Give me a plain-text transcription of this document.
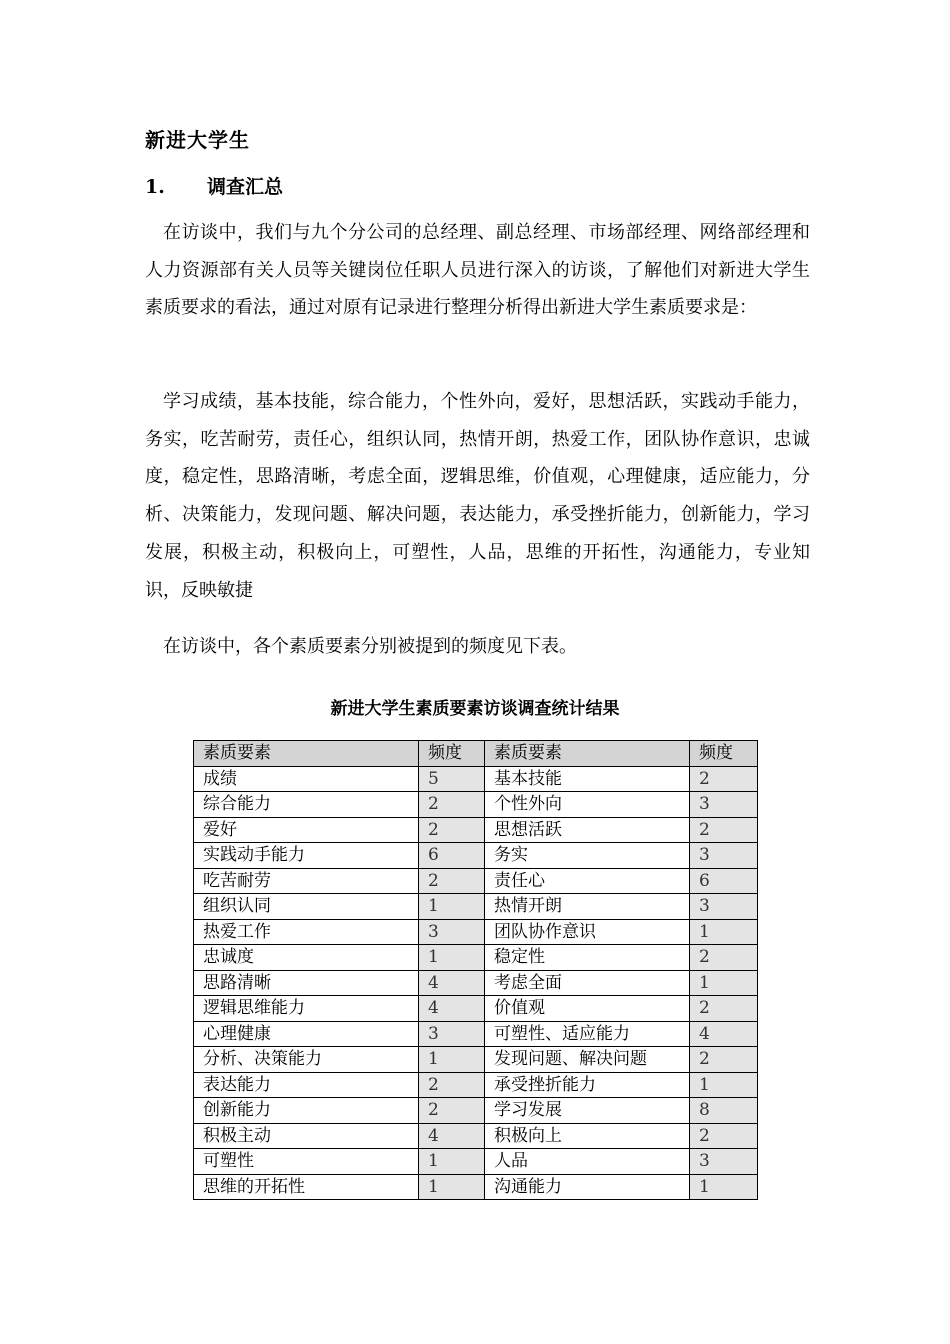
新进大学生
1. 调查汇总

在访谈中，我们与九个分公司的总经理、副总经理、市场部经理、网络部经理和人力资源部有关人员等关键岗位任职人员进行深入的访谈，了解他们对新进大学生素质要求的看法，通过对原有记录进行整理分析得出新进大学生素质要求是：

学习成绩，基本技能，综合能力，个性外向，爱好，思想活跃，实践动手能力，务实，吃苦耐劳，责任心，组织认同，热情开朗，热爱工作，团队协作意识，忠诚度，稳定性，思路清晰，考虑全面，逻辑思维，价值观，心理健康，适应能力，分析、决策能力，发现问题、解决问题，表达能力，承受挫折能力，创新能力，学习发展，积极主动，积极向上，可塑性，人品，思维的开拓性，沟通能力，专业知识，反映敏捷

在访谈中，各个素质要素分别被提到的频度见下表。

新进大学生素质要素访谈调查统计结果
素质要素	频度	素质要素	频度
成绩	5	基本技能	2
综合能力	2	个性外向	3
爱好	2	思想活跃	2
实践动手能力	6	务实	3
吃苦耐劳	2	责任心	6
组织认同	1	热情开朗	3
热爱工作	3	团队协作意识	1
忠诚度	1	稳定性	2
思路清晰	4	考虑全面	1
逻辑思维能力	4	价值观	2
心理健康	3	可塑性、适应能力	4
分析、决策能力	1	发现问题、解决问题	2
表达能力	2	承受挫折能力	1
创新能力	2	学习发展	8
积极主动	4	积极向上	2
可塑性	1	人品	3
思维的开拓性	1	沟通能力	1
